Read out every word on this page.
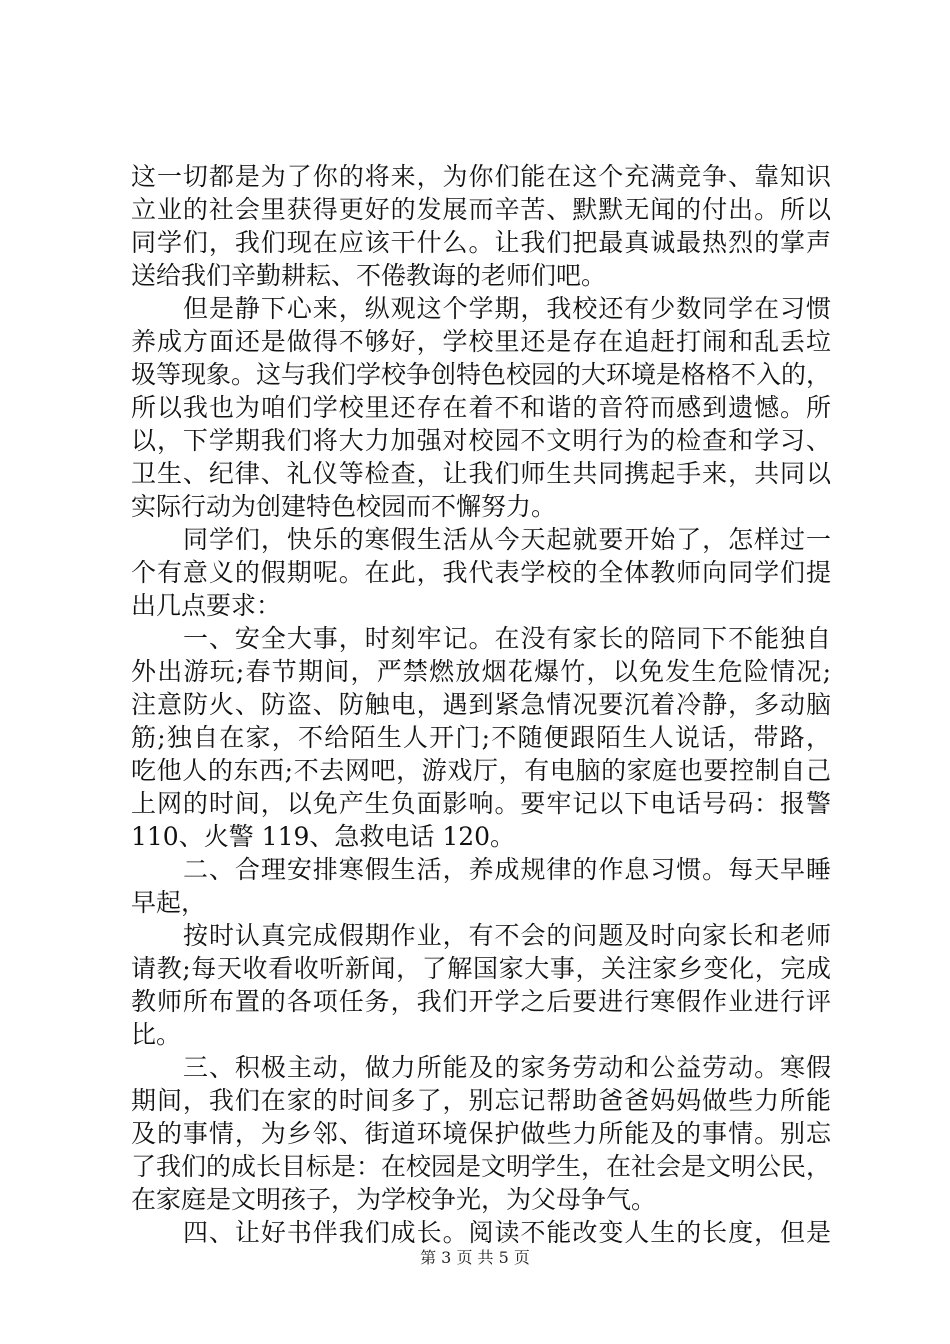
这一切都是为了你的将来，为你们能在这个充满竞争、靠知识
立业的社会里获得更好的发展而辛苦、默默无闻的付出。所以
同学们，我们现在应该干什么。让我们把最真诚最热烈的掌声
送给我们辛勤耕耘、不倦教诲的老师们吧。
但是静下心来，纵观这个学期，我校还有少数同学在习惯
养成方面还是做得不够好，学校里还是存在追赶打闹和乱丢垃
圾等现象。这与我们学校争创特色校园的大环境是格格不入的，
所以我也为咱们学校里还存在着不和谐的音符而感到遗憾。所
以，下学期我们将大力加强对校园不文明行为的检查和学习、
卫生、纪律、礼仪等检查，让我们师生共同携起手来，共同以
实际行动为创建特色校园而不懈努力。
同学们，快乐的寒假生活从今天起就要开始了，怎样过一
个有意义的假期呢。在此，我代表学校的全体教师向同学们提
出几点要求：
一、安全大事，时刻牢记。在没有家长的陪同下不能独自
外出游玩;春节期间，严禁燃放烟花爆竹，以免发生危险情况;
注意防火、防盗、防触电，遇到紧急情况要沉着冷静，多动脑
筋;独自在家，不给陌生人开门;不随便跟陌生人说话，带路，
吃他人的东西;不去网吧，游戏厅，有电脑的家庭也要控制自己
上网的时间，以免产生负面影响。要牢记以下电话号码：报警
110、火警 119、急救电话 120。
二、合理安排寒假生活，养成规律的作息习惯。每天早睡
早起，
按时认真完成假期作业，有不会的问题及时向家长和老师
请教;每天收看收听新闻，了解国家大事，关注家乡变化，完成
教师所布置的各项任务，我们开学之后要进行寒假作业进行评
比。
三、积极主动，做力所能及的家务劳动和公益劳动。寒假
期间，我们在家的时间多了，别忘记帮助爸爸妈妈做些力所能
及的事情，为乡邻、街道环境保护做些力所能及的事情。别忘
了我们的成长目标是：在校园是文明学生，在社会是文明公民，
在家庭是文明孩子，为学校争光，为父母争气。
四、让好书伴我们成长。阅读不能改变人生的长度，但是
第 3 页 共 5 页
